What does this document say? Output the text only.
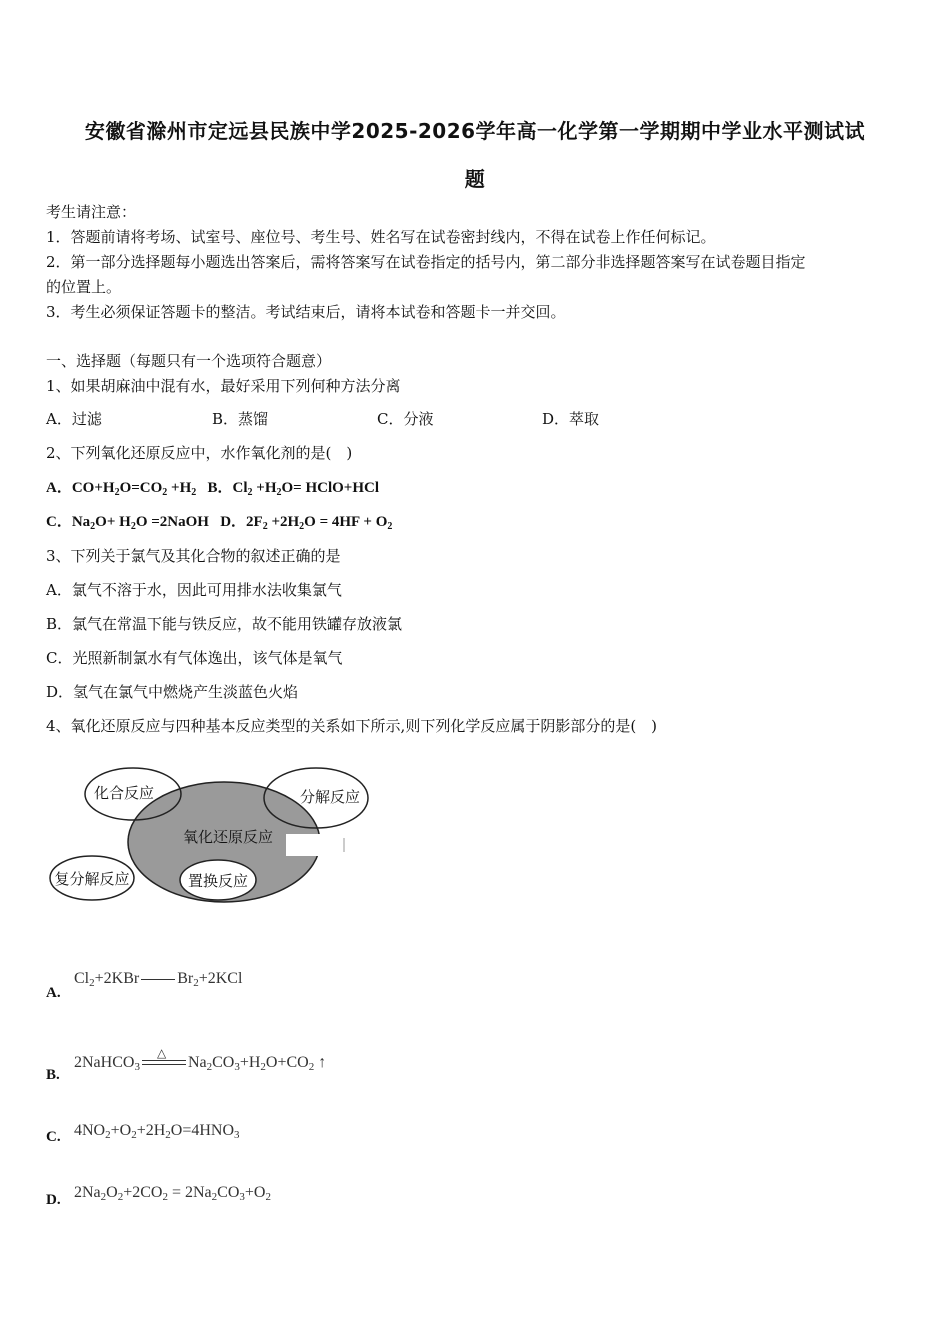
安徽省滁州市定远县民族中学2025-2026学年高一化学第一学期期中学业水平测试试
题
考生请注意：
1．答题前请将考场、试室号、座位号、考生号、姓名写在试卷密封线内，不得在试卷上作任何标记。
2．第一部分选择题每小题选出答案后，需将答案写在试卷指定的括号内，第二部分非选择题答案写在试卷题目指定
的位置上。
3．考生必须保证答题卡的整洁。考试结束后，请将本试卷和答题卡一并交回。
一、选择题（每题只有一个选项符合题意）
1、如果胡麻油中混有水，最好采用下列何种方法分离
A．过滤	B．蒸馏	C．分液	D．萃取
2、下列氧化还原反应中，水作氧化剂的是(　)
A．$CO+H_2O=CO_2 +H_2$   B．$Cl_2 +H_2O=$ HClO+HCl
C．$Na_2O+ H_2O$ =2NaOH   D．$2F_2 +2H_2O = 4HF + O_2$
3、下列关于氯气及其化合物的叙述正确的是
A．氯气不溶于水，因此可用排水法收集氯气
B．氯气在常温下能与铁反应，故不能用铁罐存放液氯
C．光照新制氯水有气体逸出，该气体是氧气
D．氢气在氯气中燃烧产生淡蓝色火焰
4、氧化还原反应与四种基本反应类型的关系如下所示,则下列化学反应属于阴影部分的是(　)
化合反应	分解反应
氧化还原反应
复分解反应	置换反应
A.
$Cl_2+2KBr$ $Br_2+2KCl$
B.
2NaHCO$_3$
△
$Na_2CO_3+H_2O+CO_2$ ↑
C. $4NO_2+O_2+2H_2O=4HNO_3$
D. $2Na_2O_2+2CO_2 = 2Na_2CO_3+O_2$
